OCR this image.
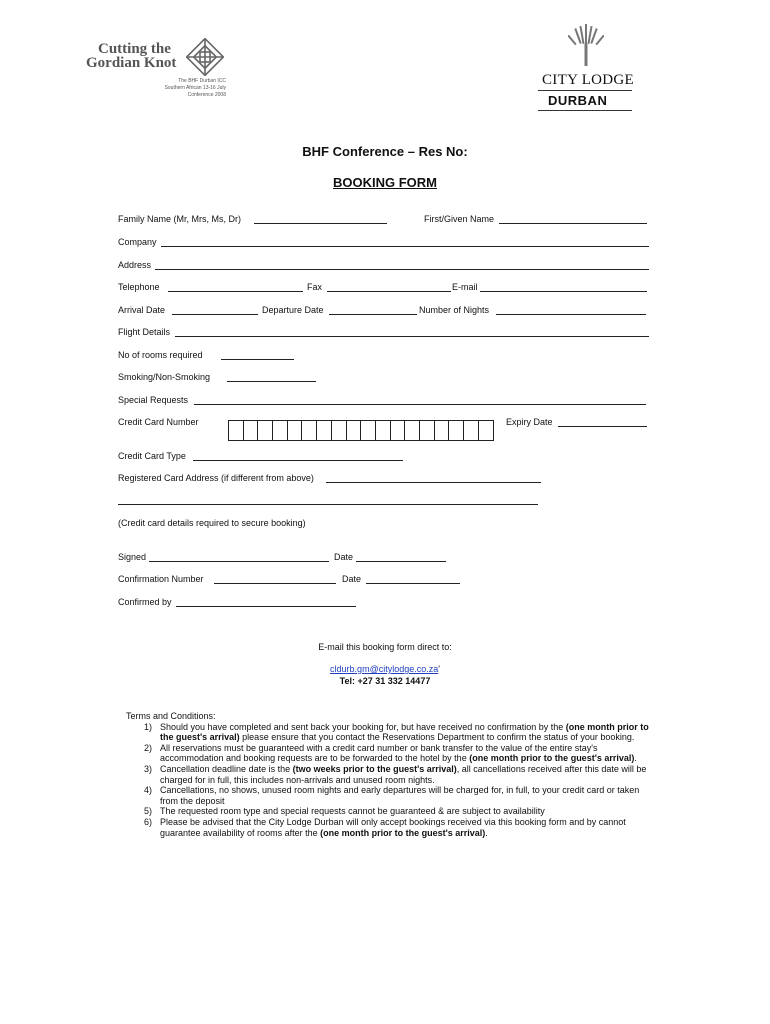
Cutting the
Gordian Knot
The BHF Durban ICC
Southern African 13-16 July
Conference 2008
CITY LODGE
DURBAN
BHF Conference – Res No:
BOOKING FORM
Family Name (Mr, Mrs, Ms, Dr)	First/Given Name
Company
Address
Telephone	Fax	E-mail
Arrival Date	Departure Date	Number of Nights
Flight Details
No of rooms required
Smoking/Non-Smoking
Special Requests
Credit Card Number	Expiry Date
Credit Card Type
Registered Card Address (if different from above)
(Credit card details required to secure booking)
Signed	Date
Confirmation Number	Date
Confirmed by
E-mail this booking form direct to:
cldurb.gm@citylodge.co.za'
Tel: +27 31 332 14477
Terms and Conditions:
1) Should you have completed and sent back your booking for, but have received no confirmation by the (one month prior to the guest's arrival) please ensure that you contact the Reservations Department to confirm the status of your booking.
2) All reservations must be guaranteed with a credit card number or bank transfer to the value of the entire stay's accommodation and booking requests are to be forwarded to the hotel by the (one month prior to the guest's arrival).
3) Cancellation deadline date is the (two weeks prior to the guest's arrival), all cancellations received after this date will be charged for in full, this includes non-arrivals and unused room nights.
4) Cancellations, no shows, unused room nights and early departures will be charged for, in full, to your credit card or taken from the deposit
5) The requested room type and special requests cannot be guaranteed & are subject to availability
6) Please be advised that the City Lodge Durban will only accept bookings received via this booking form and by cannot guarantee availability of rooms after the (one month prior to the guest's arrival).
